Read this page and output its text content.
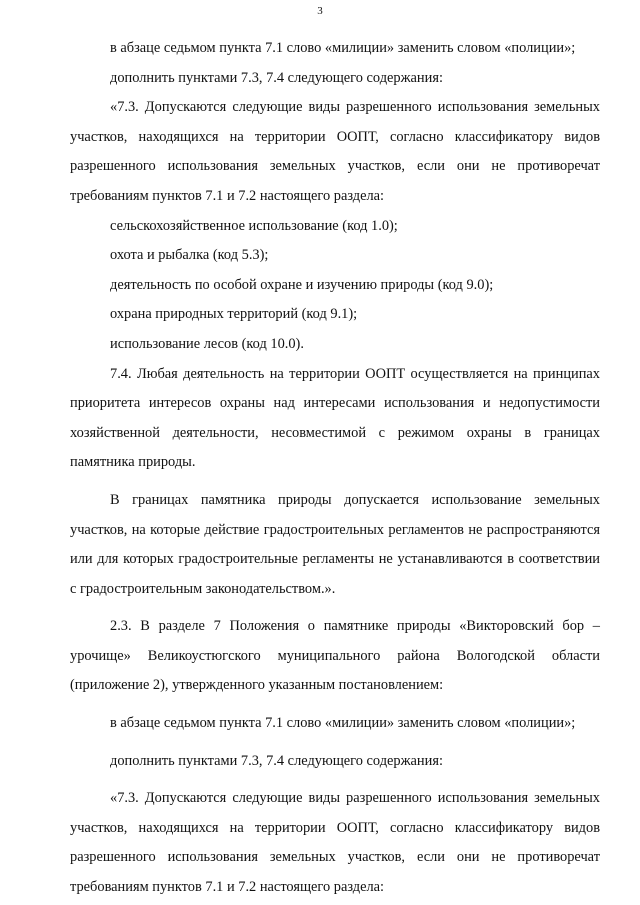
3

в абзаце седьмом пункта 7.1 слово «милиции» заменить словом «полиции»;

дополнить пунктами 7.3, 7.4 следующего содержания:

«7.3. Допускаются следующие виды разрешенного использования земельных участков, находящихся на территории ООПТ, согласно классификатору видов разрешенного использования земельных участков, если они не противоречат требованиям пунктов 7.1 и 7.2 настоящего раздела:

сельскохозяйственное использование (код 1.0);

охота и рыбалка (код 5.3);

деятельность по особой охране и изучению природы (код 9.0);

охрана природных территорий (код 9.1);

использование лесов (код 10.0).

7.4. Любая деятельность на территории ООПТ осуществляется на принципах приоритета интересов охраны над интересами использования и недопустимости хозяйственной деятельности, несовместимой с режимом охраны в границах памятника природы.

В границах памятника природы допускается использование земельных участков, на которые действие градостроительных регламентов не распространяются или для которых градостроительные регламенты не устанавливаются в соответствии с градостроительным законодательством.».

2.3. В разделе 7 Положения о памятнике природы «Викторовский бор – урочище» Великоустюгского муниципального района Вологодской области (приложение 2), утвержденного указанным постановлением:

в абзаце седьмом пункта 7.1 слово «милиции» заменить словом «полиции»;

дополнить пунктами 7.3, 7.4 следующего содержания:

«7.3. Допускаются следующие виды разрешенного использования земельных участков, находящихся на территории ООПТ, согласно классификатору видов разрешенного использования земельных участков, если они не противоречат требованиям пунктов 7.1 и 7.2 настоящего раздела:
